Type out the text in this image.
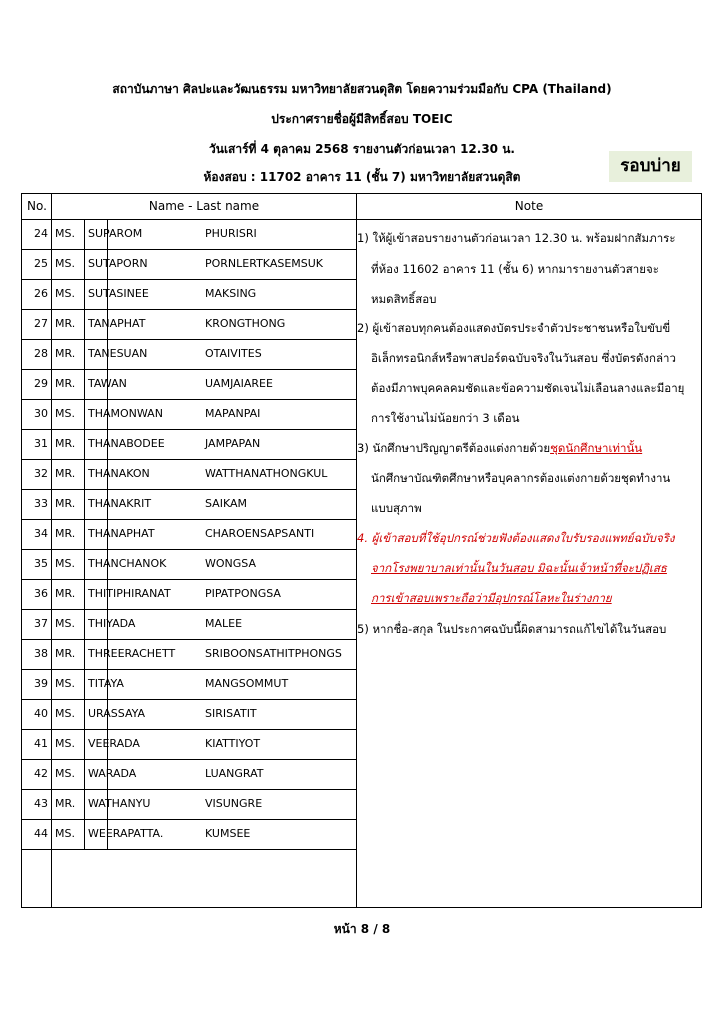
สถาบันภาษา ศิลปะและวัฒนธรรม มหาวิทยาลัยสวนดุสิต โดยความร่วมมือกับ CPA (Thailand)
ประกาศรายชื่อผู้มีสิทธิ์สอบ TOEIC
วันเสาร์ที่ 4 ตุลาคม 2568 รายงานตัวก่อนเวลา 12.30 น.
ห้องสอบ : 11702 อาคาร 11 (ชั้น 7) มหาวิทยาลัยสวนดุสิต
รอบบ่าย
No.	Name - Last name	Note
24 MS.	SUPAROM	PHURISRI
25 MS.	SUTAPORN	PORNLERTKASEMSUK
26 MS.	SUTASINEE	MAKSING
27 MR.	TANAPHAT	KRONGTHONG
28 MR.	TANESUAN	OTAIVITES
29 MR.	TAWAN	UAMJAIAREE
30 MS.	THAMONWAN	MAPANPAI
31 MR.	THANABODEE	JAMPAPAN
32 MR.	THANAKON	WATTHANATHONGKUL
33 MR.	THANAKRIT	SAIKAM
34 MR.	THANAPHAT	CHAROENSAPSANTI
35 MS.	THANCHANOK	WONGSA
36 MR.	THITIPHIRANAT	PIPATPONGSA
37 MS.	THIYADA	MALEE
38 MR.	THREERACHETT	SRIBOONSATHITPHONGS
39 MS.	TITAYA	MANGSOMMUT
40 MS.	URASSAYA	SIRISATIT
41 MS.	VEERADA	KIATTIYOT
42 MS.	WARADA	LUANGRAT
43 MR.	WATHANYU	VISUNGRE
44 MS.	WEERAPATTA.	KUMSEE
1) ให้ผู้เข้าสอบรายงานตัวก่อนเวลา 12.30 น. พร้อมฝากสัมภาระ
ที่ห้อง 11602 อาคาร 11 (ชั้น 6) หากมารายงานตัวสายจะ
หมดสิทธิ์สอบ
2) ผู้เข้าสอบทุกคนต้องแสดงบัตรประจำตัวประชาชนหรือใบขับขี่
อิเล็กทรอนิกส์หรือพาสปอร์ตฉบับจริงในวันสอบ ซึ่งบัตรดังกล่าว
ต้องมีภาพบุคคลคมชัดและข้อความชัดเจนไม่เลือนลางและมีอายุ
การใช้งานไม่น้อยกว่า 3 เดือน
3) นักศึกษาปริญญาตรีต้องแต่งกายด้วยชุดนักศึกษาเท่านั้น
นักศึกษาบัณฑิตศึกษาหรือบุคลากรต้องแต่งกายด้วยชุดทำงาน
แบบสุภาพ
4. ผู้เข้าสอบที่ใช้อุปกรณ์ช่วยฟังต้องแสดงใบรับรองแพทย์ฉบับจริง
จากโรงพยาบาลเท่านั้นในวันสอบ มิฉะนั้นเจ้าหน้าที่จะปฏิเสธ
การเข้าสอบเพราะถือว่ามีอุปกรณ์โลหะในร่างกาย
5) หากชื่อ-สกุล ในประกาศฉบับนี้ผิดสามารถแก้ไขได้ในวันสอบ
หน้า 8 / 8
